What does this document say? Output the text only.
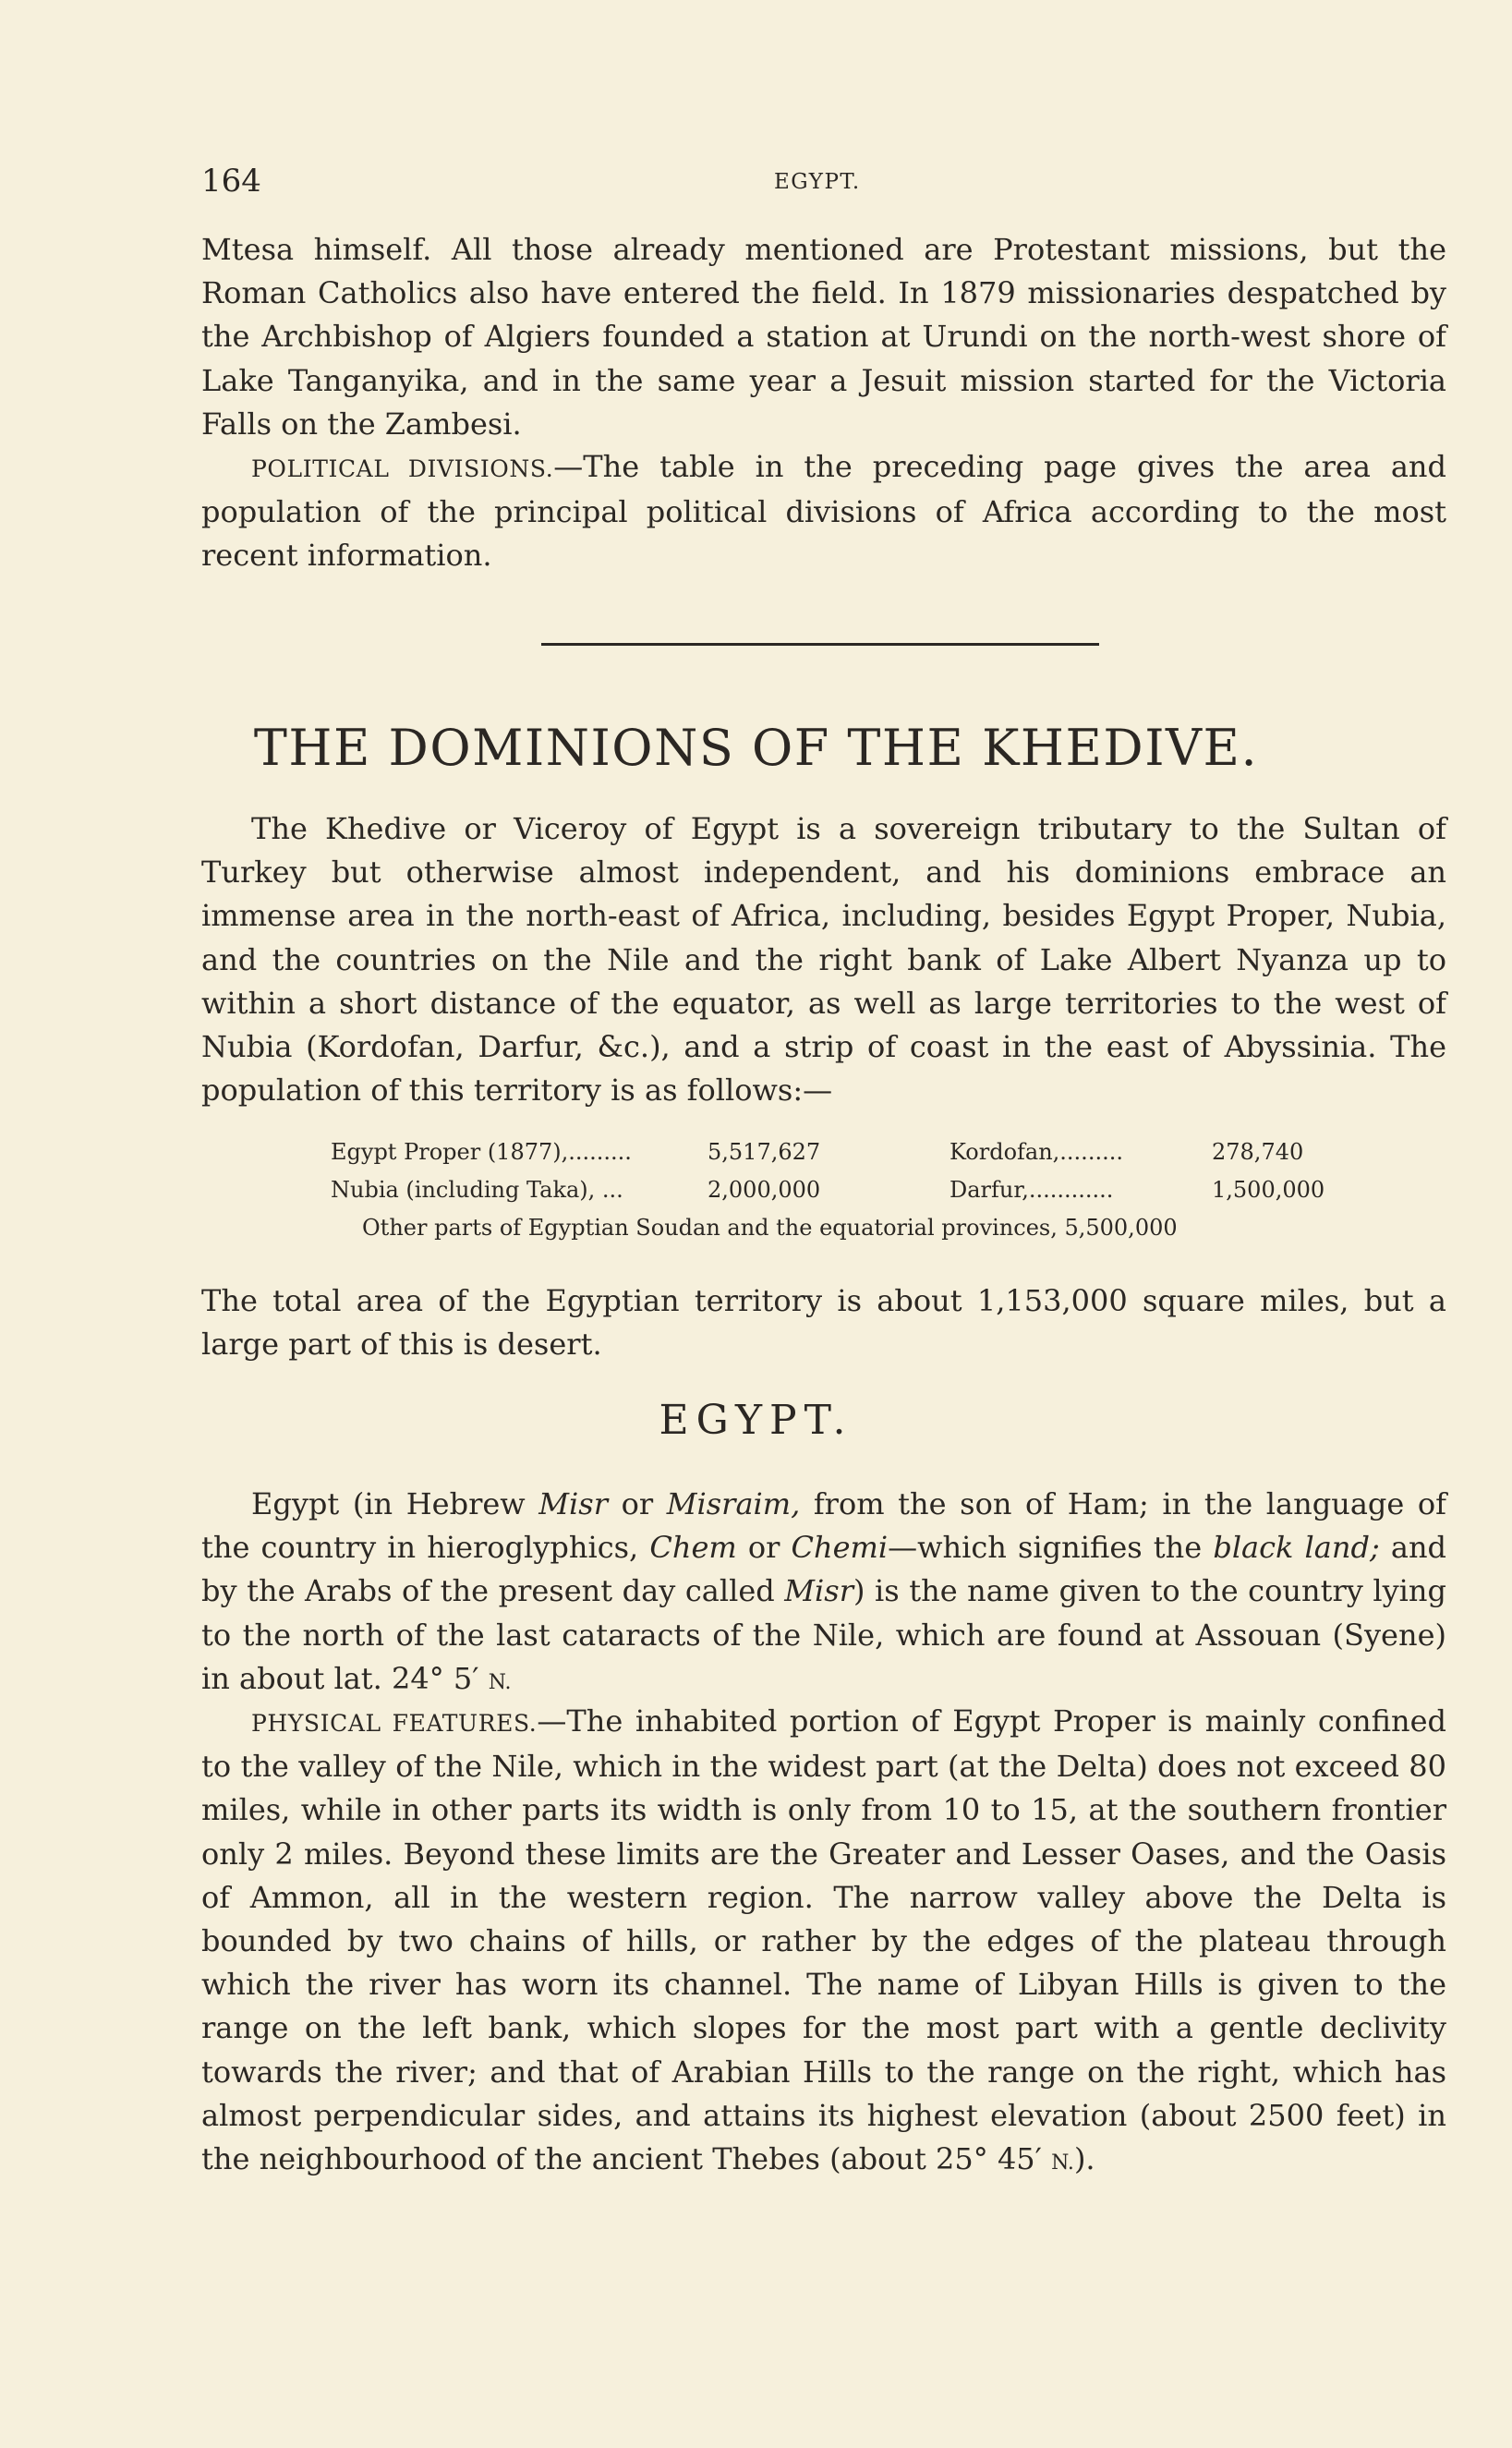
164	EGYPT.

Mtesa himself. All those already mentioned are Protestant missions, but the Roman Catholics also have entered the field. In 1879 missionaries despatched by the Archbishop of Algiers founded a station at Urundi on the north-west shore of Lake Tanganyika, and in the same year a Jesuit mission started for the Victoria Falls on the Zambesi.

POLITICAL DIVISIONS.—The table in the preceding page gives the area and population of the principal political divisions of Africa according to the most recent information.

THE DOMINIONS OF THE KHEDIVE.

The Khedive or Viceroy of Egypt is a sovereign tributary to the Sultan of Turkey but otherwise almost independent, and his dominions embrace an immense area in the north-east of Africa, including, besides Egypt Proper, Nubia, and the countries on the Nile and the right bank of Lake Albert Nyanza up to within a short distance of the equator, as well as large territories to the west of Nubia (Kordofan, Darfur, &c.), and a strip of coast in the east of Abyssinia. The population of this territory is as follows:—

Egypt Proper (1877),.........	5,517,627	Kordofan,.........	278,740
Nubia (including Taka), ...	2,000,000	Darfur,............	1,500,000
Other parts of Egyptian Soudan and the equatorial provinces, 5,500,000

The total area of the Egyptian territory is about 1,153,000 square miles, but a large part of this is desert.

EGYPT.

Egypt (in Hebrew Misr or Misraim, from the son of Ham; in the language of the country in hieroglyphics, Chem or Chemi—which signifies the black land; and by the Arabs of the present day called Misr) is the name given to the country lying to the north of the last cataracts of the Nile, which are found at Assouan (Syene) in about lat. 24° 5′ N.

PHYSICAL FEATURES.—The inhabited portion of Egypt Proper is mainly confined to the valley of the Nile, which in the widest part (at the Delta) does not exceed 80 miles, while in other parts its width is only from 10 to 15, at the southern frontier only 2 miles. Beyond these limits are the Greater and Lesser Oases, and the Oasis of Ammon, all in the western region. The narrow valley above the Delta is bounded by two chains of hills, or rather by the edges of the plateau through which the river has worn its channel. The name of Libyan Hills is given to the range on the left bank, which slopes for the most part with a gentle declivity towards the river; and that of Arabian Hills to the range on the right, which has almost perpendicular sides, and attains its highest elevation (about 2500 feet) in the neighbourhood of the ancient Thebes (about 25° 45′ N.).
